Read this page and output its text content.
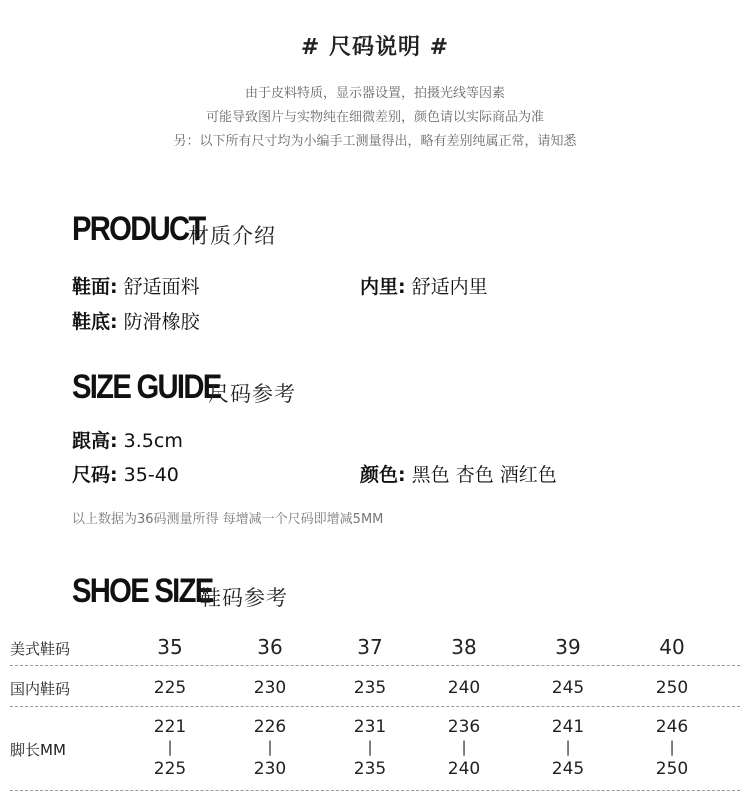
# 尺码说明 #
由于皮料特质，显示器设置，拍摄光线等因素
可能导致图片与实物纯在细微差别，颜色请以实际商品为准
另：以下所有尺寸均为小编手工测量得出，略有差别纯属正常，请知悉
PRODUCT
材质介绍
鞋面: 舒适面料	内里: 舒适内里
鞋底: 防滑橡胶
SIZE GUIDE
尺码参考
跟高: 3.5cm
尺码: 35-40	颜色: 黑色 杏色 酒红色
以上数据为36码测量所得 每增减一个尺码即增减5MM
SHOE SIZE
鞋码参考
美式鞋码	35	36	37	38	39	40
国内鞋码	225	230	235	240	245	250
脚长MM
221	226	231	236	241	246
|	|	|	|	|	|
225	230	235	240	245	250
